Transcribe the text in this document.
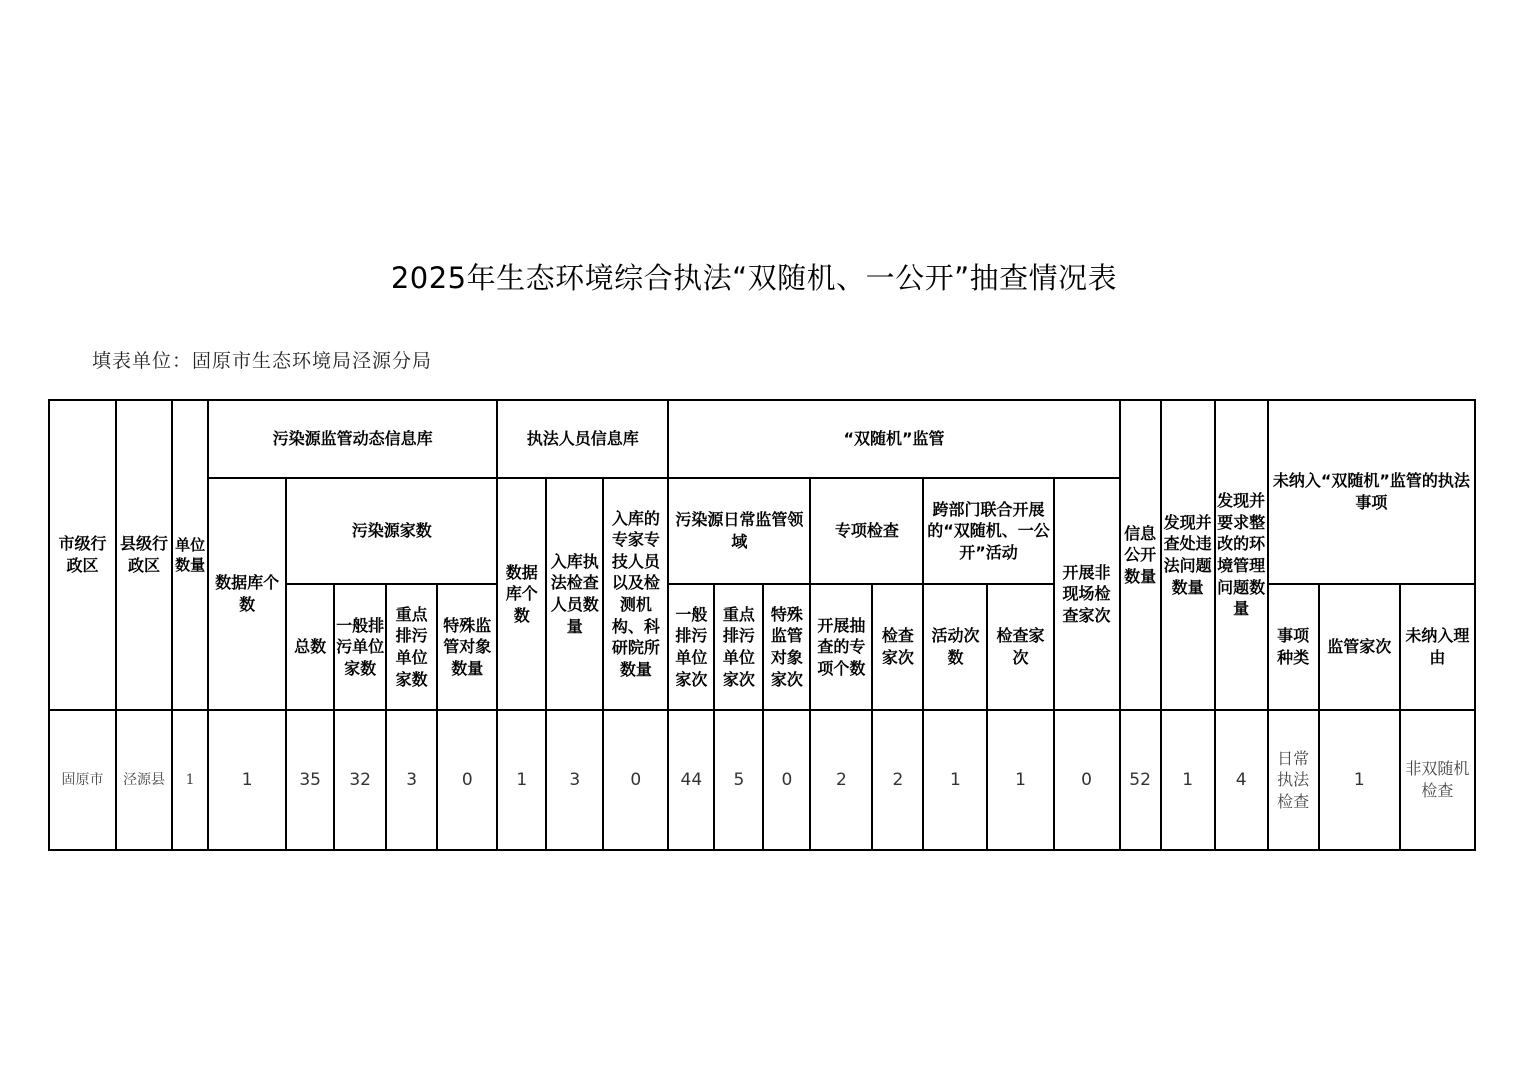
2025年生态环境综合执法“双随机、一公开”抽查情况表
填表单位：固原市生态环境局泾源分局
市级行政区	县级行政区	单位数量	污染源监管动态信息库					执法人员信息库			“双随机”监管								信息公开数量	发现并查处违法问题数量	发现并要求整改的环境管理问题数量	未纳入“双随机”监管的执法事项		
			数据库个数	污染源家数				数据库个数	入库执法检查人员数量	入库的专家专技人员以及检测机构、科研院所数量	污染源日常监管领域			专项检查		跨部门联合开展的“双随机、一公开”活动		开展非现场检查家次						
				总数	一般排污单位家数	重点排污单位家数	特殊监管对象数量				一般排污单位家次	重点排污单位家次	特殊监管对象家次	开展抽查的专项个数	检查家次	活动次数	检查家次					事项种类	监管家次	未纳入理由
固原市	泾源县	1	1	35	32	3	0	1	3	0	44	5	0	2	2	1	1	0	52	1	4	日常执法检查	1	非双随机检查
